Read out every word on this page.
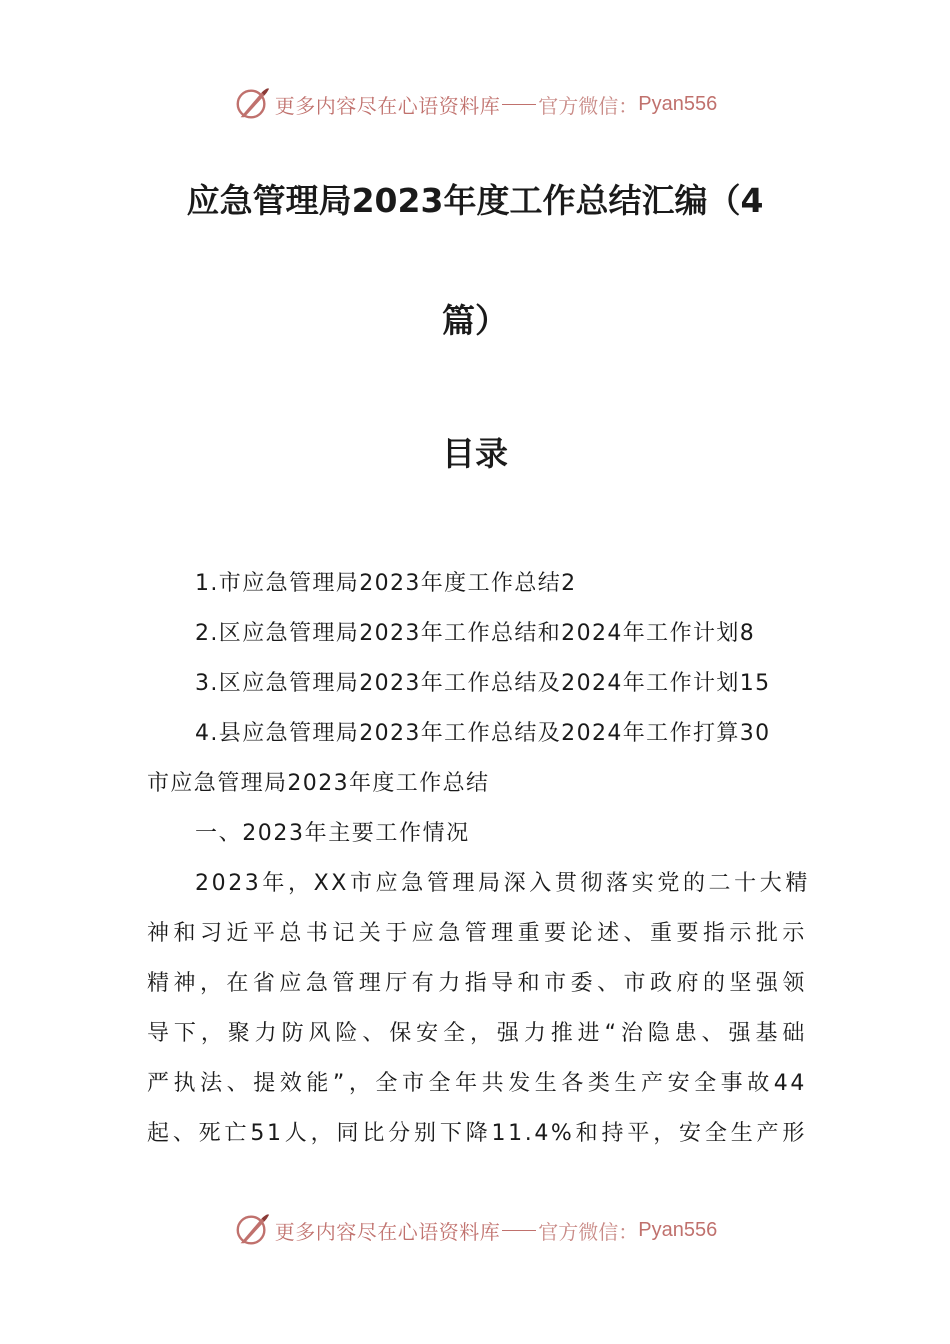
更多内容尽在心语资料库 官方微信： Pyan556
应急管理局2023年度工作总结汇编（4
篇）
目录
1.市应急管理局2023年度工作总结2
2.区应急管理局2023年工作总结和2024年工作计划8
3.区应急管理局2023年工作总结及2024年工作计划15
4.县应急管理局2023年工作总结及2024年工作打算30
市应急管理局2023年度工作总结
一、2023年主要工作情况
2023年，XX市应急管理局深入贯彻落实党的二十大精
神和习近平总书记关于应急管理重要论述、重要指示批示
精神，在省应急管理厅有力指导和市委、市政府的坚强领
导下，聚力防风险、保安全，强力推进“治隐患、强基础
严执法、提效能”，全市全年共发生各类生产安全事故44
起、死亡51人，同比分别下降11.4%和持平，安全生产形
更多内容尽在心语资料库 官方微信： Pyan556
